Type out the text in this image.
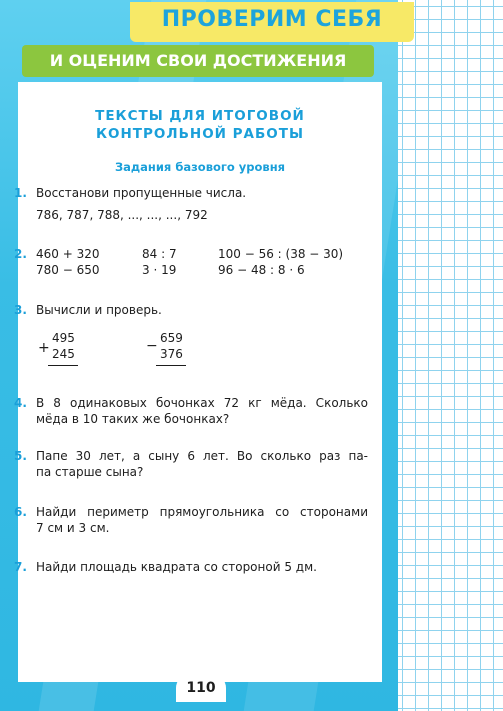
ПРОВЕРИМ СЕБЯ
И ОЦЕНИМ СВОИ ДОСТИЖЕНИЯ
ТЕКСТЫ ДЛЯ ИТОГОВОЙ
КОНТРОЛЬНОЙ РАБОТЫ
Задания базового уровня
1. Восстанови пропущенные числа.
786, 787, 788, ..., ..., ..., 792
2. 460 + 320
780 − 650
84 : 7
3 · 19
100 − 56 : (38 − 30)
96 − 48 : 8 · 6
3. Вычисли и проверь.
+
495
245	− 659
376
4. В 8 одинаковых бочонках 72 кг мёда. Сколько
мёда в 10 таких же бочонках?
5. Папе 30 лет, а сыну 6 лет. Во сколько раз па-
па старше сына?
6. Найди периметр прямоугольника со сторонами
7 см и 3 см.
7. Найди площадь квадрата со стороной 5 дм.
110
